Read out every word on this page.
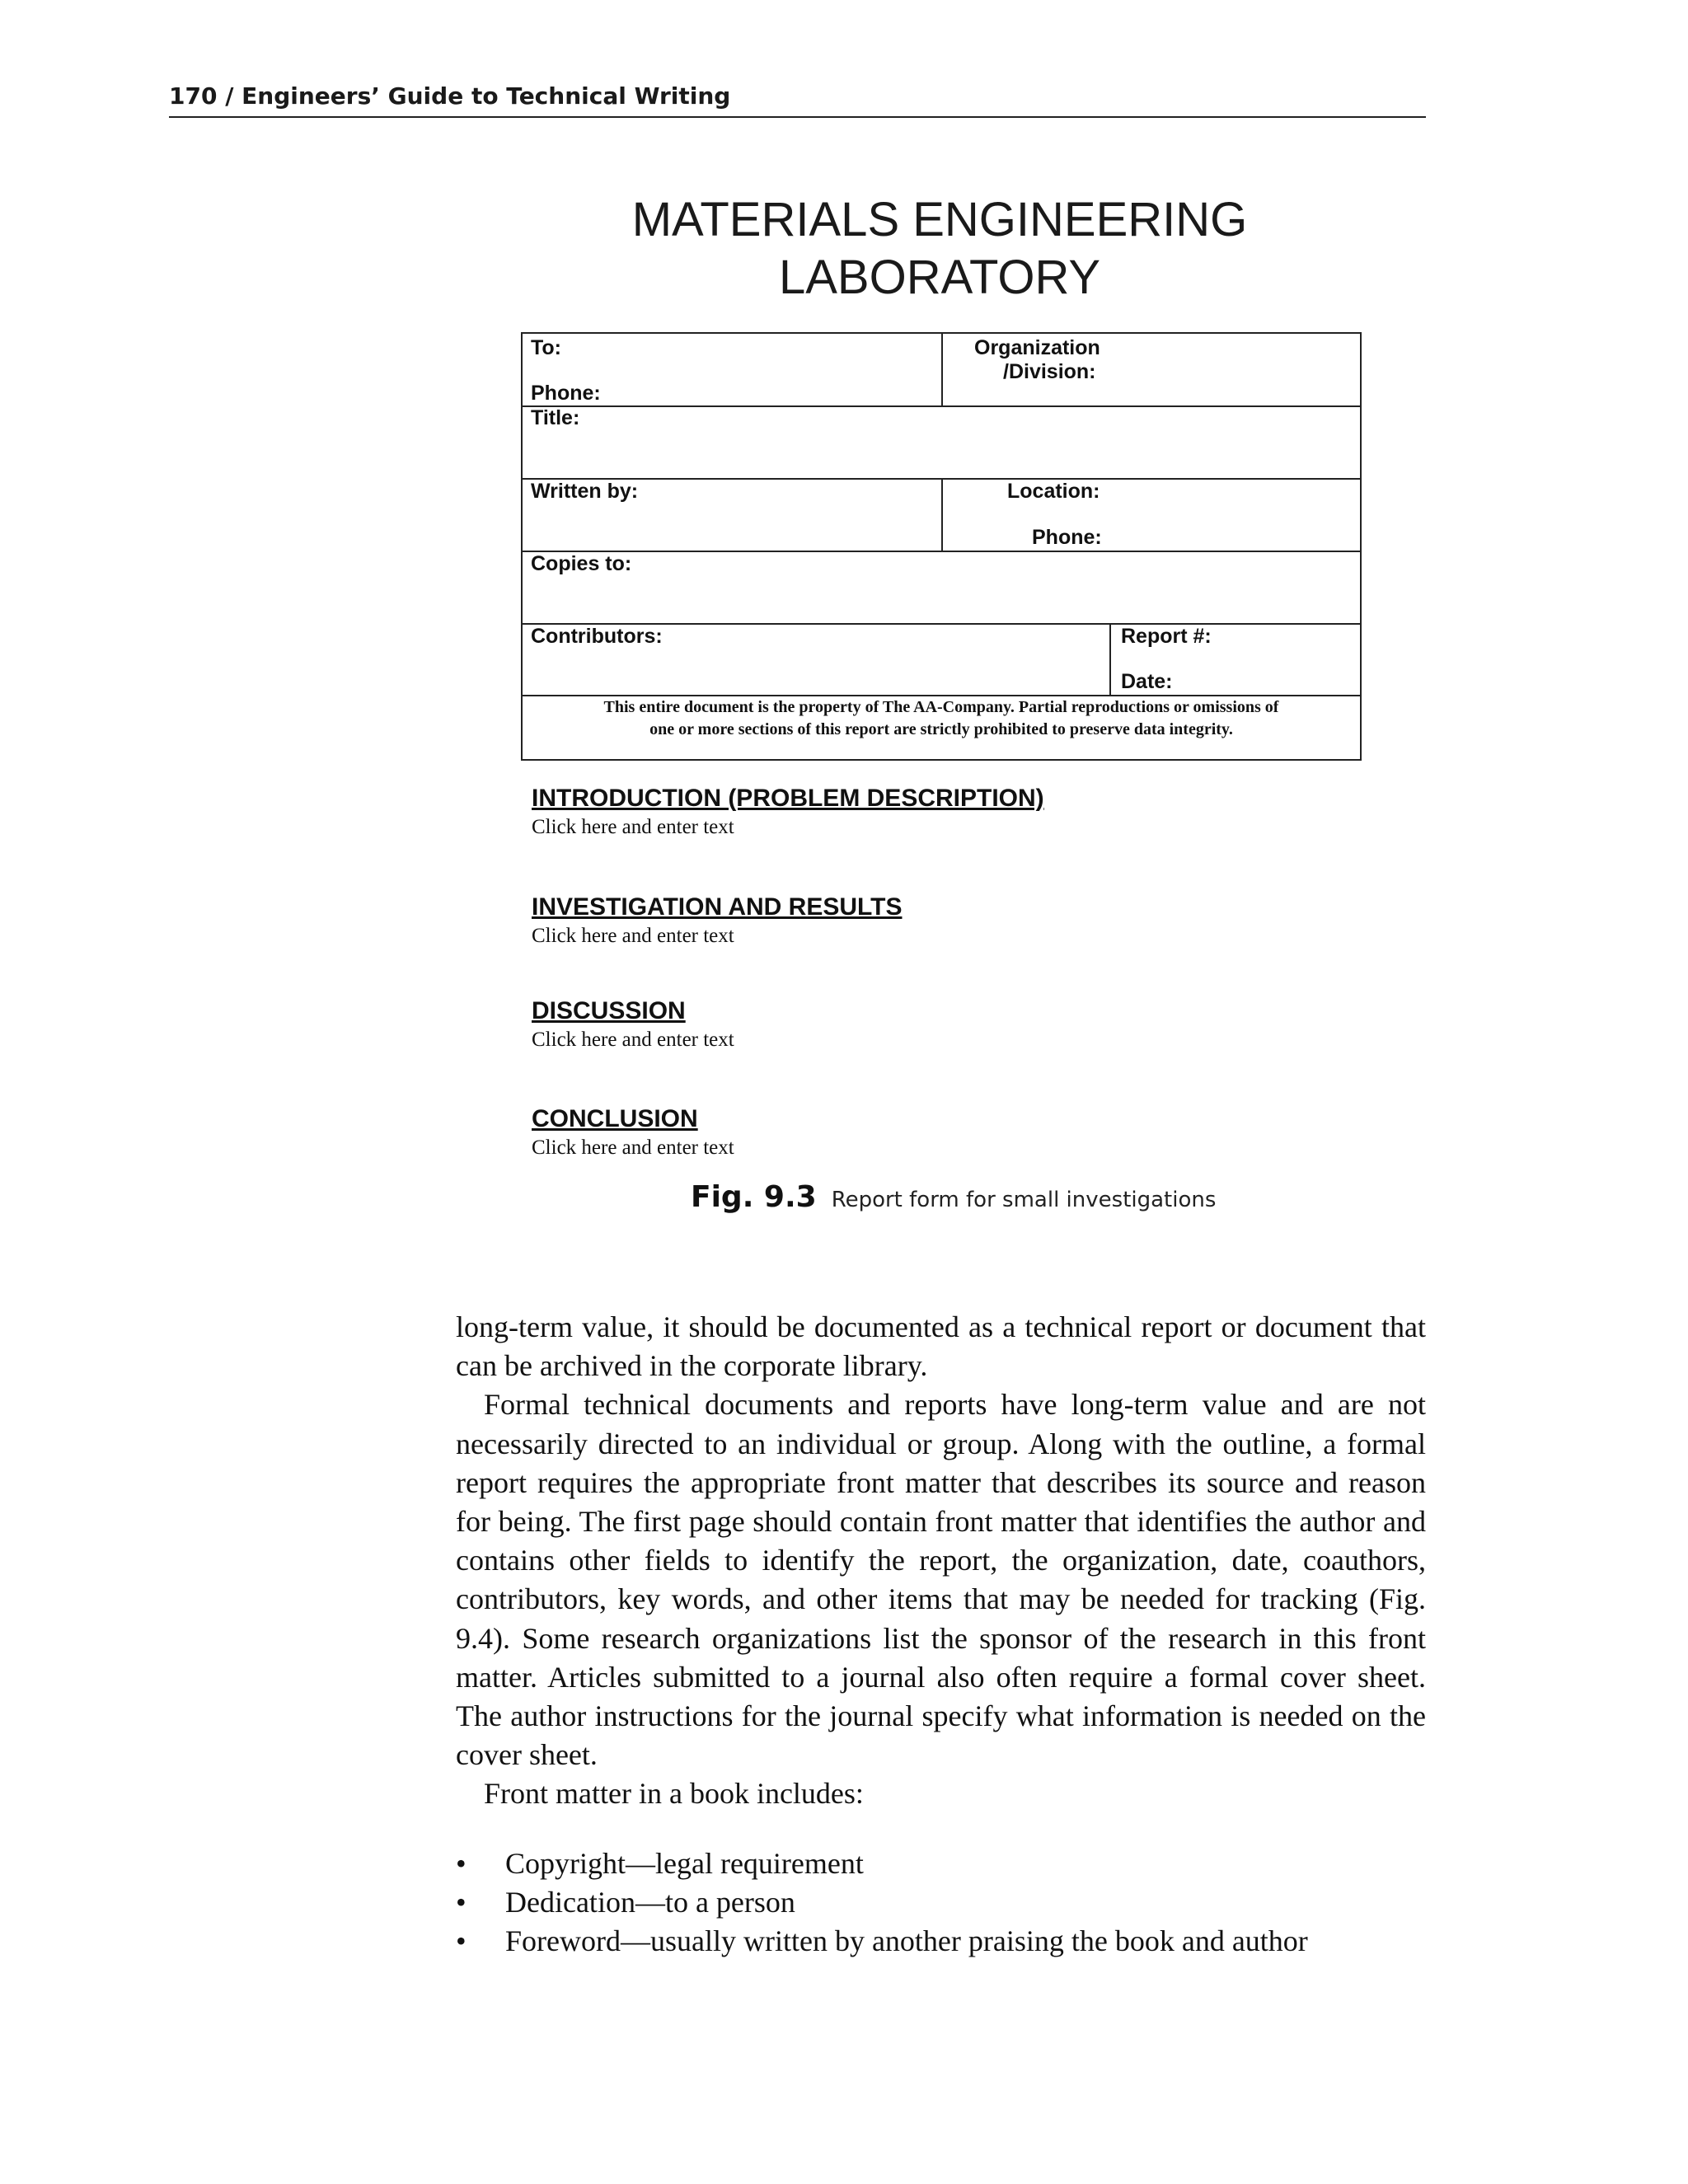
170 / Engineers’ Guide to Technical Writing
MATERIALS ENGINEERING
LABORATORY
To:
Phone:
Organization
/Division:
Title:
Written by:	Location:
Phone:
Copies to:
Contributors:	Report #:
Date:
This entire document is the property of The AA-Company. Partial reproductions or omissions of
one or more sections of this report are strictly prohibited to preserve data integrity.
INTRODUCTION (PROBLEM DESCRIPTION)
Click here and enter text
INVESTIGATION AND RESULTS
Click here and enter text
DISCUSSION
Click here and enter text
CONCLUSION
Click here and enter text
Fig. 9.3 Report form for small investigations

long-term value, it should be documented as a technical report or document that can be archived in the corporate library.

Formal technical documents and reports have long-term value and are not necessarily directed to an individual or group. Along with the outline, a formal report requires the appropriate front matter that describes its source and reason for being. The first page should contain front matter that identifies the author and contains other fields to identify the report, the organization, date, coauthors, contributors, key words, and other items that may be needed for tracking (Fig. 9.4). Some research organizations list the sponsor of the research in this front matter. Articles submitted to a journal also often require a formal cover sheet. The author instructions for the journal specify what information is needed on the cover sheet.

Front matter in a book includes:

• Copyright—legal requirement
• Dedication—to a person
• Foreword—usually written by another praising the book and author
